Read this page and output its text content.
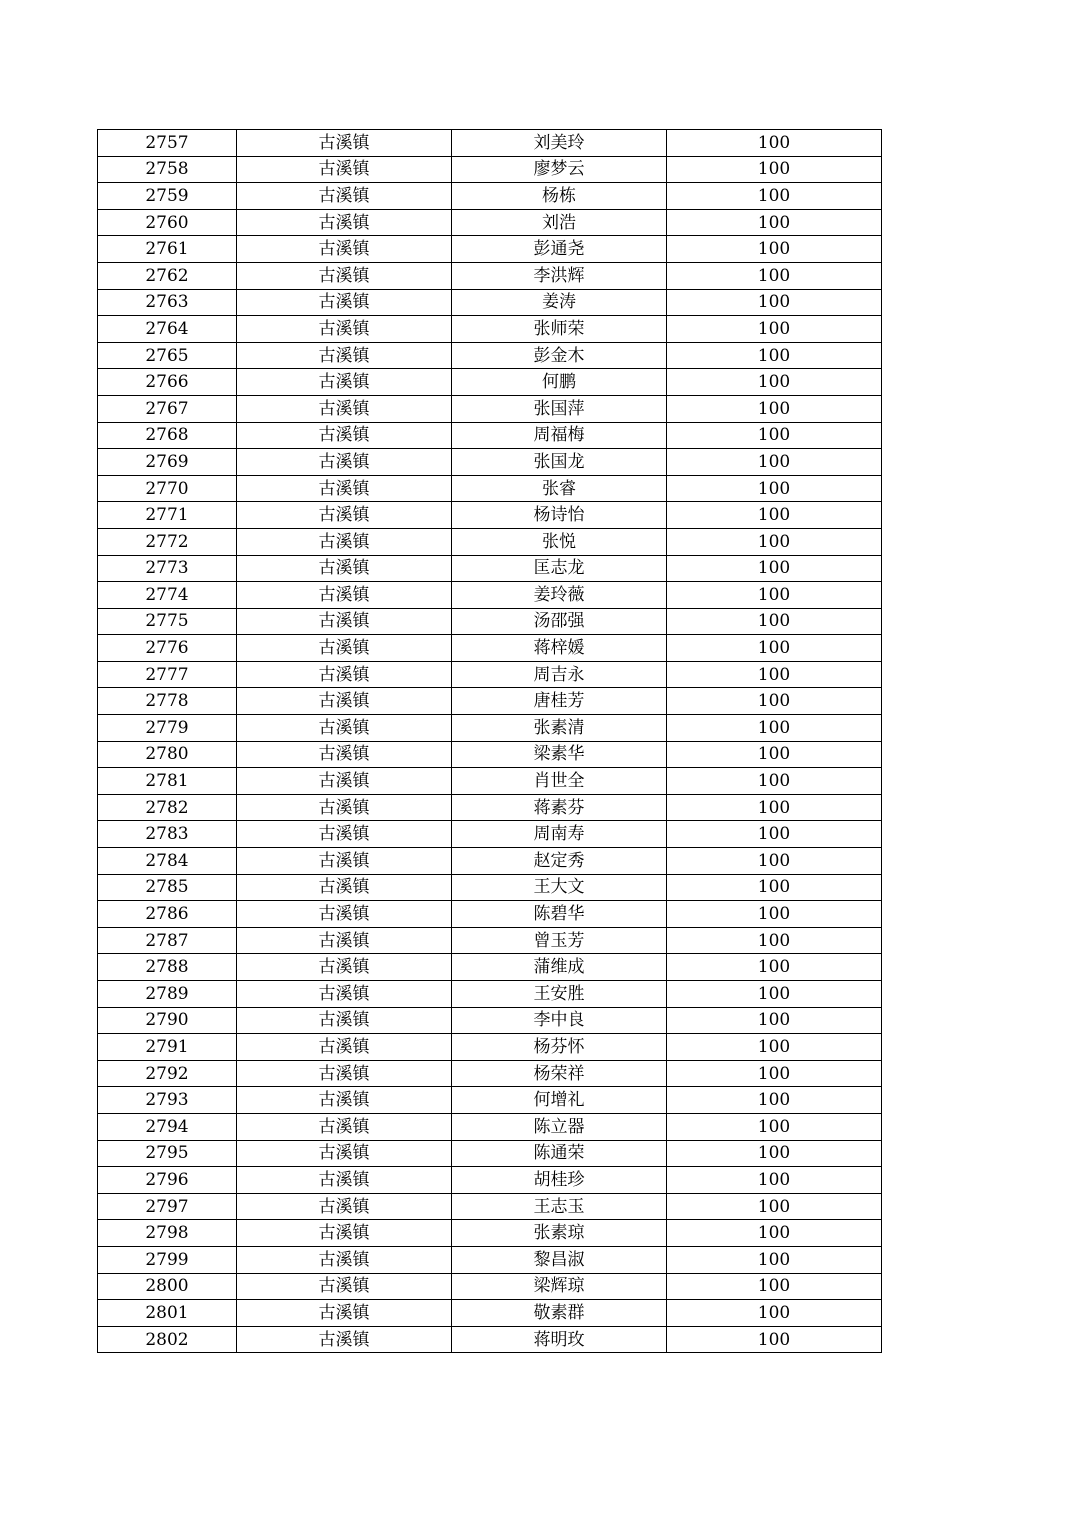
2757	古溪镇	刘美玲	100
2758	古溪镇	廖梦云	100
2759	古溪镇	杨栋	100
2760	古溪镇	刘浩	100
2761	古溪镇	彭通尧	100
2762	古溪镇	李洪辉	100
2763	古溪镇	姜涛	100
2764	古溪镇	张师荣	100
2765	古溪镇	彭金木	100
2766	古溪镇	何鹏	100
2767	古溪镇	张国萍	100
2768	古溪镇	周福梅	100
2769	古溪镇	张国龙	100
2770	古溪镇	张睿	100
2771	古溪镇	杨诗怡	100
2772	古溪镇	张悦	100
2773	古溪镇	匡志龙	100
2774	古溪镇	姜玲薇	100
2775	古溪镇	汤邵强	100
2776	古溪镇	蒋梓媛	100
2777	古溪镇	周吉永	100
2778	古溪镇	唐桂芳	100
2779	古溪镇	张素清	100
2780	古溪镇	梁素华	100
2781	古溪镇	肖世全	100
2782	古溪镇	蒋素芬	100
2783	古溪镇	周南寿	100
2784	古溪镇	赵定秀	100
2785	古溪镇	王大文	100
2786	古溪镇	陈碧华	100
2787	古溪镇	曾玉芳	100
2788	古溪镇	蒲维成	100
2789	古溪镇	王安胜	100
2790	古溪镇	李中良	100
2791	古溪镇	杨芬怀	100
2792	古溪镇	杨荣祥	100
2793	古溪镇	何增礼	100
2794	古溪镇	陈立器	100
2795	古溪镇	陈通荣	100
2796	古溪镇	胡桂珍	100
2797	古溪镇	王志玉	100
2798	古溪镇	张素琼	100
2799	古溪镇	黎昌淑	100
2800	古溪镇	梁辉琼	100
2801	古溪镇	敬素群	100
2802	古溪镇	蒋明玫	100
